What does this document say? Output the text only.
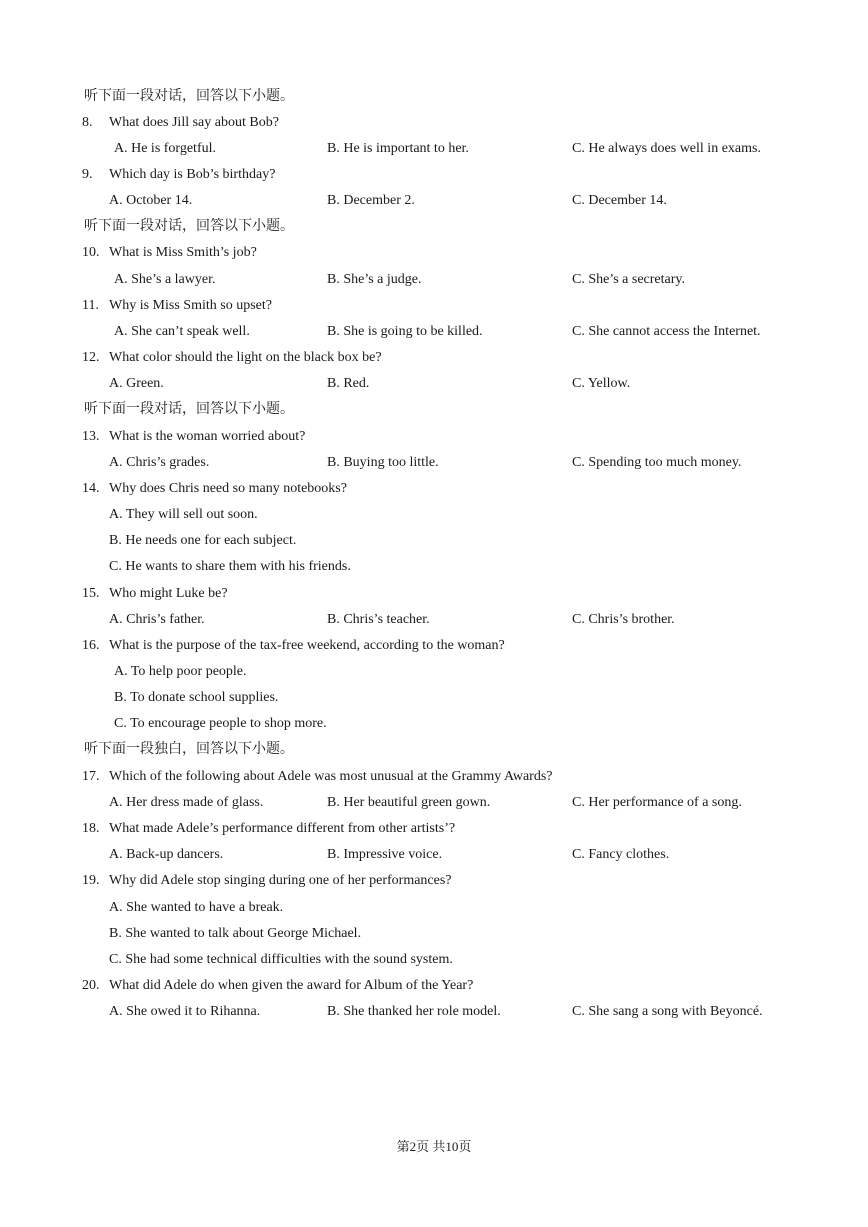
听下面一段对话，回答以下小题。
8. What does Jill say about Bob?
A. He is forgetful.	B. He is important to her.	C. He always does well in exams.
9. Which day is Bob’s birthday?
A. October 14.	B. December 2.	C. December 14.
听下面一段对话，回答以下小题。
10. What is Miss Smith’s job?
A. She’s a lawyer.	B. She’s a judge.	C. She’s a secretary.
11. Why is Miss Smith so upset?
A. She can’t speak well.	B. She is going to be killed.	C. She cannot access the Internet.
12. What color should the light on the black box be?
A. Green.	B. Red.	C. Yellow.
听下面一段对话，回答以下小题。
13. What is the woman worried about?
A. Chris’s grades.	B. Buying too little.	C. Spending too much money.
14. Why does Chris need so many notebooks?
A. They will sell out soon.
B. He needs one for each subject.
C. He wants to share them with his friends.
15. Who might Luke be?
A. Chris’s father.	B. Chris’s teacher.	C. Chris’s brother.
16. What is the purpose of the tax-free weekend, according to the woman?
A. To help poor people.
B. To donate school supplies.
C. To encourage people to shop more.
听下面一段独白，回答以下小题。
17. Which of the following about Adele was most unusual at the Grammy Awards?
A. Her dress made of glass.	B. Her beautiful green gown.	C. Her performance of a song.
18. What made Adele’s performance different from other artists’?
A. Back-up dancers.	B. Impressive voice.	C. Fancy clothes.
19. Why did Adele stop singing during one of her performances?
A. She wanted to have a break.
B. She wanted to talk about George Michael.
C. She had some technical difficulties with the sound system.
20. What did Adele do when given the award for Album of the Year?
A. She owed it to Rihanna.	B. She thanked her role model.	C. She sang a song with Beyoncé.
第2页 共10页
